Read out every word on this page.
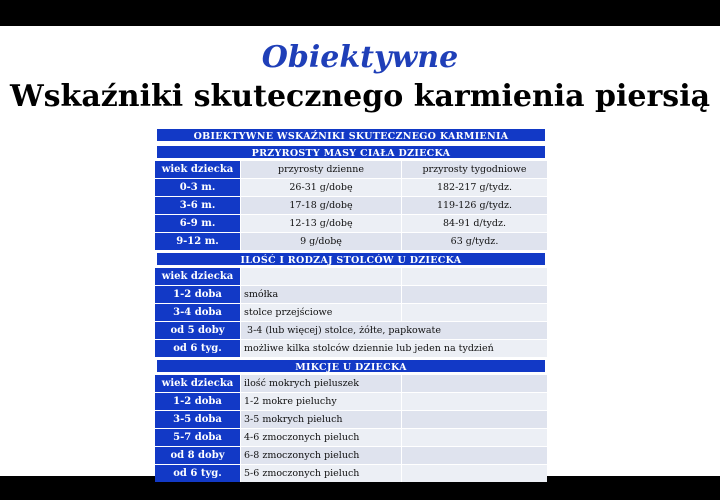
Obiektywne
Wskaźniki skutecznego karmienia piersią
OBIEKTYWNE WSKAŹNIKI SKUTECZNEGO KARMIENIA
PRZYROSTY MASY CIAŁA DZIECKA
wiek dziecka	przyrosty dzienne	przyrosty tygodniowe
0-3 m.	26-31 g/dobę	182-217 g/tydz.
3-6 m.	17-18 g/dobę	119-126 g/tydz.
6-9 m.	12-13 g/dobę	84-91 d/tydz.
9-12 m.	9 g/dobę	63 g/tydz.
ILOŚĆ I RODZAJ STOLCÓW U DZIECKA
wiek dziecka
1-2 doba	smółka
3-4 doba	stolce przejściowe
od 5 doby	3-4 (lub więcej) stolce, żółte, papkowate
od 6 tyg.	możliwe kilka stolców dziennie lub jeden na tydzień
MIKCJE U DZIECKA
wiek dziecka	ilość mokrych pieluszek
1-2 doba	1-2 mokre pieluchy
3-5 doba	3-5 mokrych pieluch
5-7 doba	4-6 zmoczonych pieluch
od 8 doby	6-8 zmoczonych pieluch
od 6 tyg.	5-6 zmoczonych pieluch
